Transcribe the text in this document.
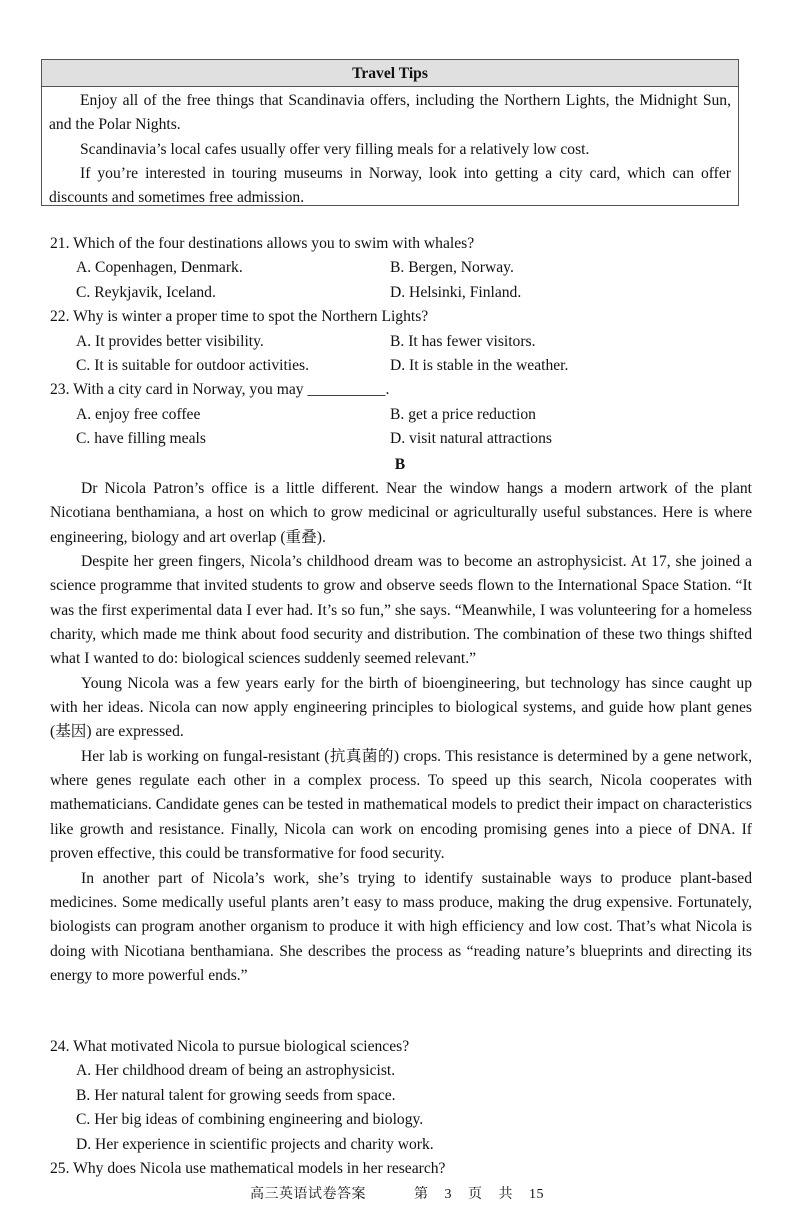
Travel Tips

Enjoy all of the free things that Scandinavia offers, including the Northern Lights, the Midnight Sun, and the Polar Nights.

Scandinavia’s local cafes usually offer very filling meals for a relatively low cost.

If you’re interested in touring museums in Norway, look into getting a city card, which can offer discounts and sometimes free admission.

21. Which of the four destinations allows you to swim with whales?
A. Copenhagen, Denmark.	B. Bergen, Norway.
C. Reykjavik, Iceland.	D. Helsinki, Finland.
22. Why is winter a proper time to spot the Northern Lights?
A. It provides better visibility.	B. It has fewer visitors.
C. It is suitable for outdoor activities.	D. It is stable in the weather.
23. With a city card in Norway, you may __________.
A. enjoy free coffee	B. get a price reduction
C. have filling meals	D. visit natural attractions
B

Dr Nicola Patron’s office is a little different. Near the window hangs a modern artwork of the plant Nicotiana benthamiana, a host on which to grow medicinal or agriculturally useful substances. Here is where engineering, biology and art overlap (重叠).

Despite her green fingers, Nicola’s childhood dream was to become an astrophysicist. At 17, she joined a science programme that invited students to grow and observe seeds flown to the International Space Station. “It was the first experimental data I ever had. It’s so fun,” she says. “Meanwhile, I was volunteering for a homeless charity, which made me think about food security and distribution. The combination of these two things shifted what I wanted to do: biological sciences suddenly seemed relevant.”

Young Nicola was a few years early for the birth of bioengineering, but technology has since caught up with her ideas. Nicola can now apply engineering principles to biological systems, and guide how plant genes (基因) are expressed.

Her lab is working on fungal-resistant (抗真菌的) crops. This resistance is determined by a gene network, where genes regulate each other in a complex process. To speed up this search, Nicola cooperates with mathematicians. Candidate genes can be tested in mathematical models to predict their impact on characteristics like growth and resistance. Finally, Nicola can work on encoding promising genes into a piece of DNA. If proven effective, this could be transformative for food security.

In another part of Nicola’s work, she’s trying to identify sustainable ways to produce plant-based medicines. Some medically useful plants aren’t easy to mass produce, making the drug expensive. Fortunately, biologists can program another organism to produce it with high efficiency and low cost. That’s what Nicola is doing with Nicotiana benthamiana. She describes the process as “reading nature’s blueprints and directing its energy to more powerful ends.”

24. What motivated Nicola to pursue biological sciences?
A. Her childhood dream of being an astrophysicist.
B. Her natural talent for growing seeds from space.
C. Her big ideas of combining engineering and biology.
D. Her experience in scientific projects and charity work.
25. Why does Nicola use mathematical models in her research?
高三英语试卷答案	第 3 页 共 15
